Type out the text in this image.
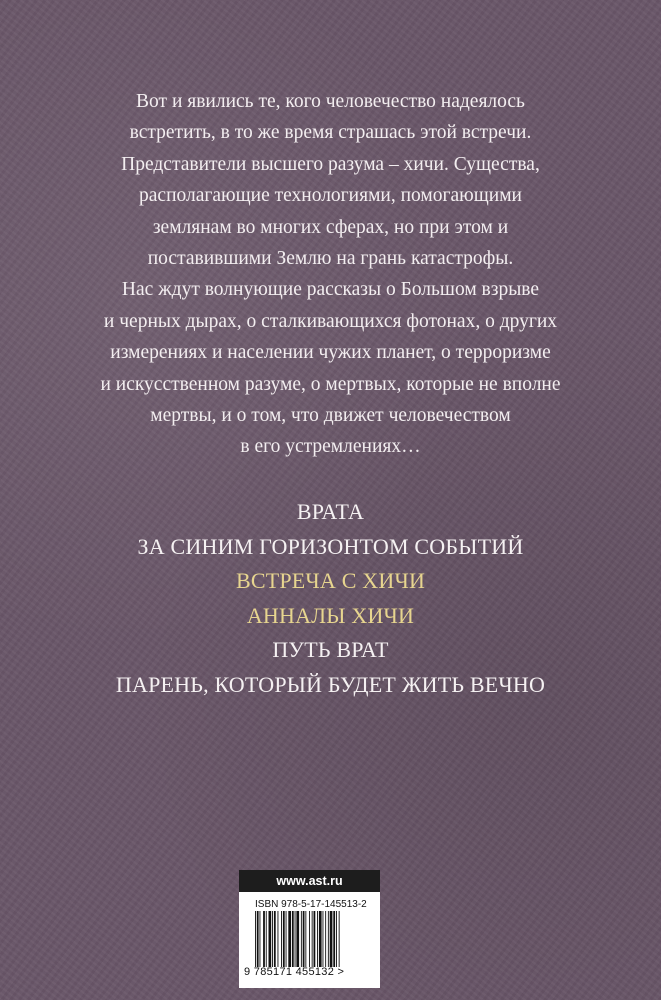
Вот и явились те, кого человечество надеялось
встретить, в то же время страшась этой встречи.
Представители высшего разума – хичи. Существа,
располагающие технологиями, помогающими
землянам во многих сферах, но при этом и
поставившими Землю на грань катастрофы.
Нас ждут волнующие рассказы о Большом взрыве
и черных дырах, о сталкивающихся фотонах, о других
измерениях и населении чужих планет, о терроризме
и искусственном разуме, о мертвых, которые не вполне
мертвы, и о том, что движет человечеством
в его устремлениях…
ВРАТА
ЗА СИНИМ ГОРИЗОНТОМ СОБЫТИЙ
ВСТРЕЧА С ХИЧИ
АННАЛЫ ХИЧИ
ПУТЬ ВРАТ
ПАРЕНЬ, КОТОРЫЙ БУДЕТ ЖИТЬ ВЕЧНО
www.ast.ru
ISBN 978-5-17-145513-2
9 785171 455132 >
